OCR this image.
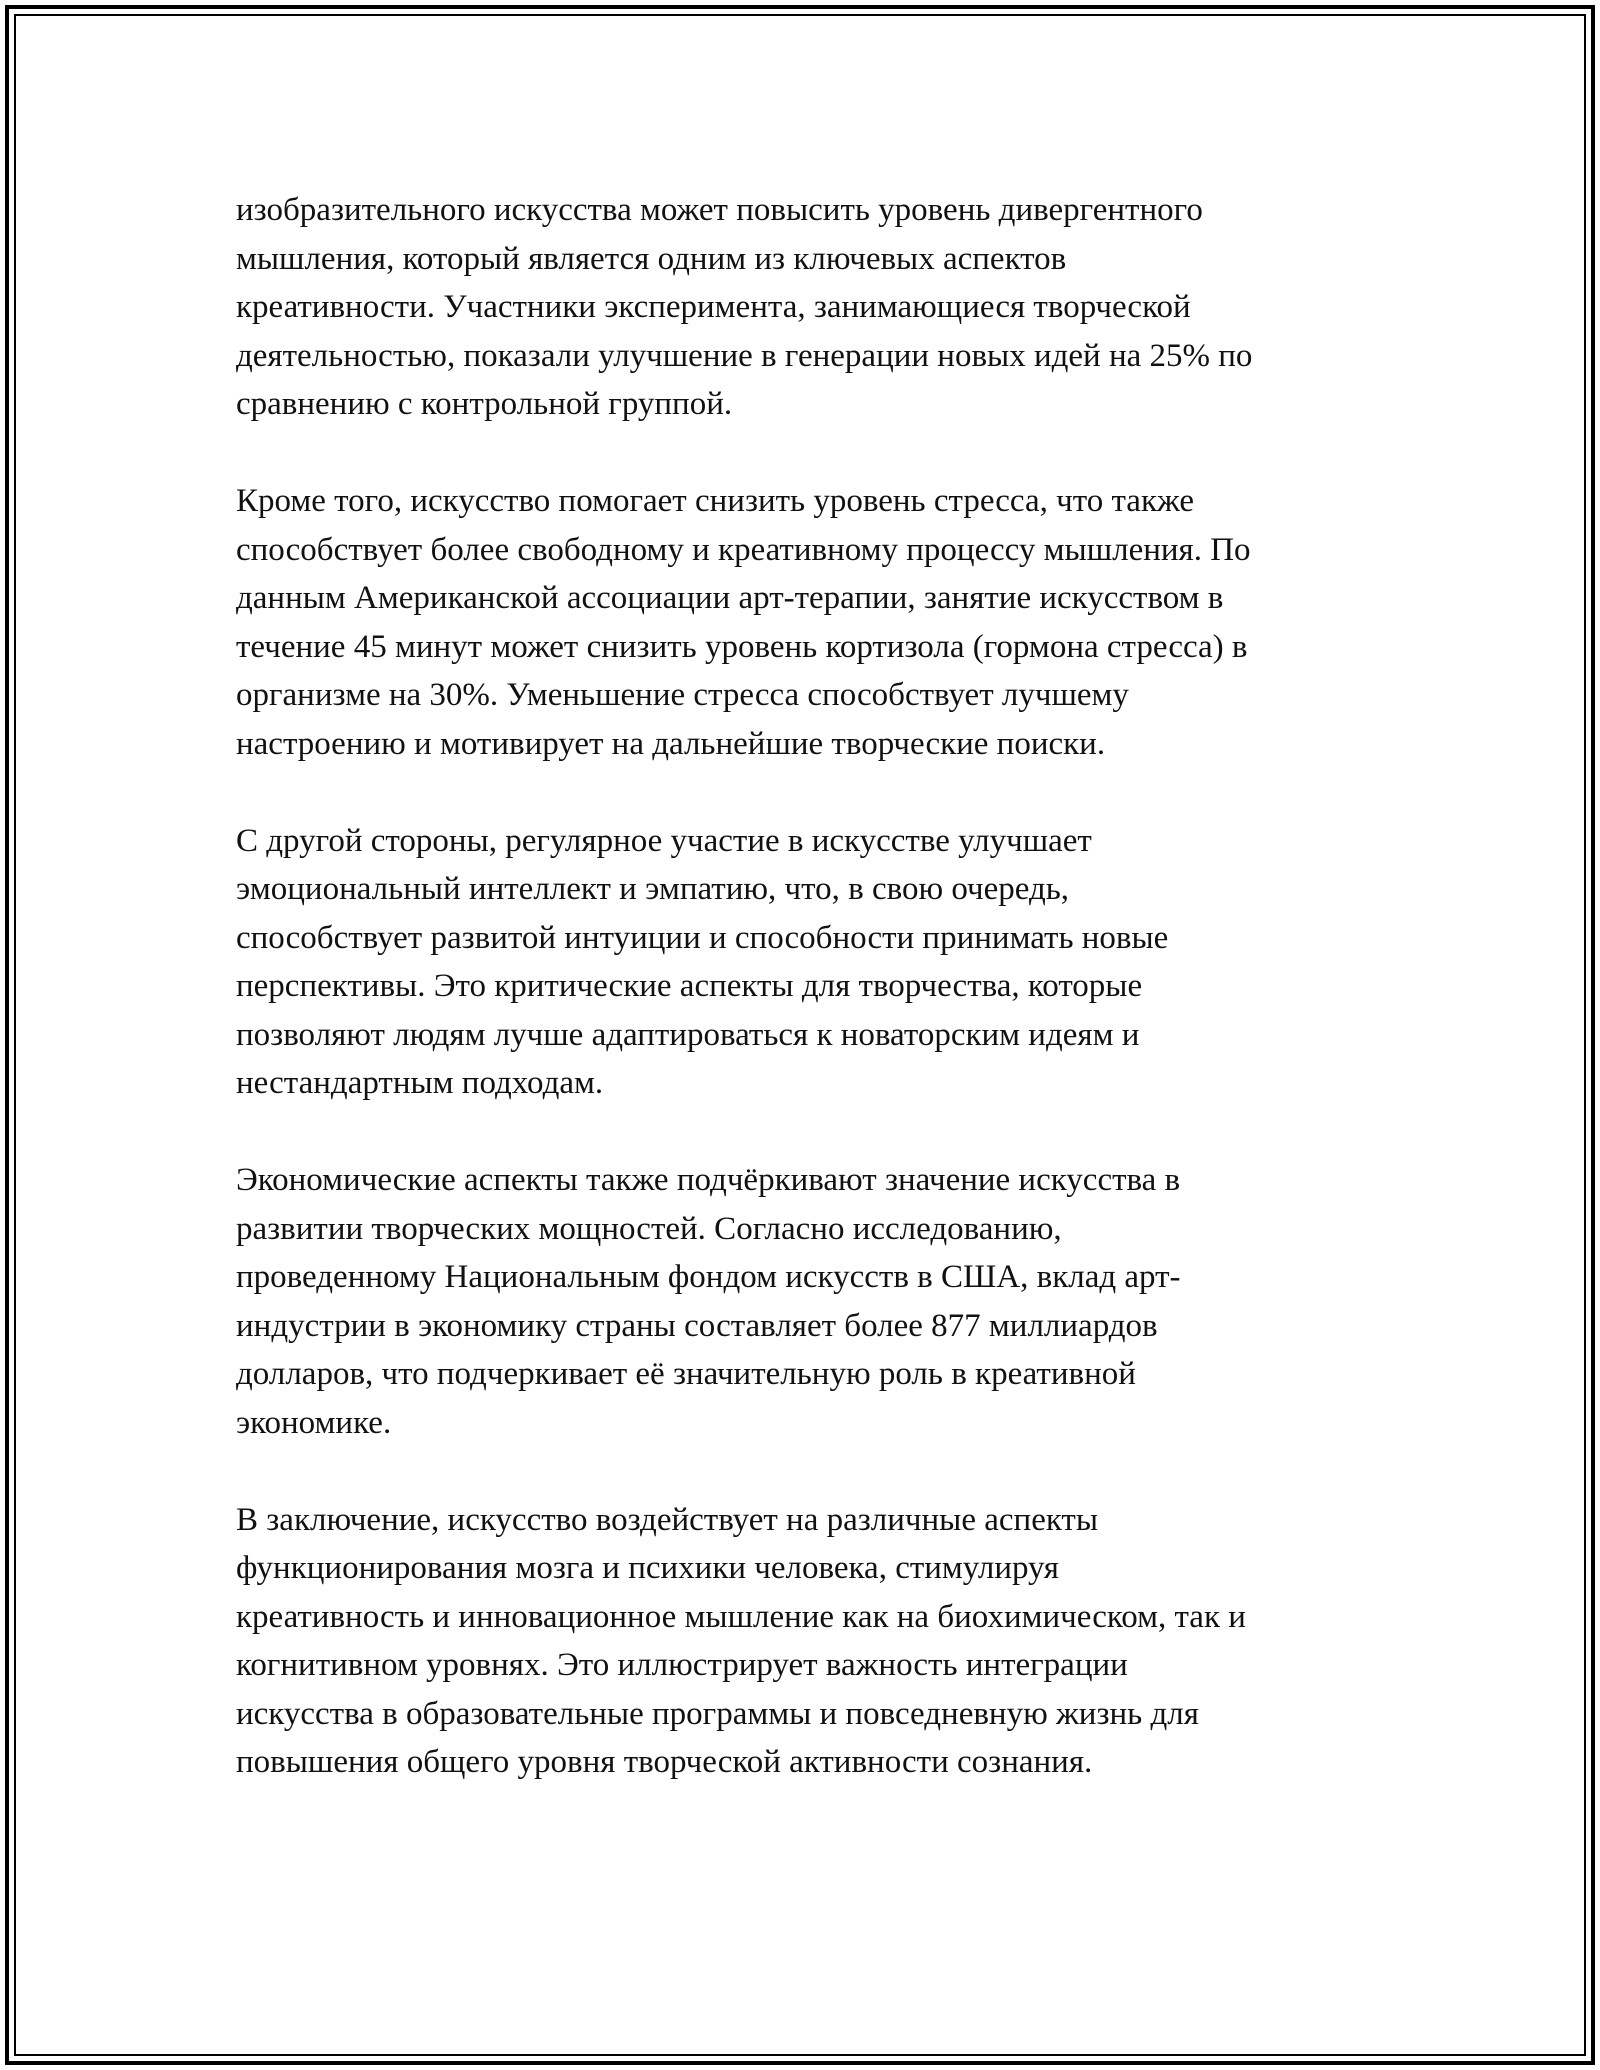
изобразительного искусства может повысить уровень дивергентного
мышления, который является одним из ключевых аспектов
креативности. Участники эксперимента, занимающиеся творческой
деятельностью, показали улучшение в генерации новых идей на 25% по
сравнению с контрольной группой.

Кроме того, искусство помогает снизить уровень стресса, что также
способствует более свободному и креативному процессу мышления. По
данным Американской ассоциации арт-терапии, занятие искусством в
течение 45 минут может снизить уровень кортизола (гормона стресса) в
организме на 30%. Уменьшение стресса способствует лучшему
настроению и мотивирует на дальнейшие творческие поиски.

С другой стороны, регулярное участие в искусстве улучшает
эмоциональный интеллект и эмпатию, что, в свою очередь,
способствует развитой интуиции и способности принимать новые
перспективы. Это критические аспекты для творчества, которые
позволяют людям лучше адаптироваться к новаторским идеям и
нестандартным подходам.

Экономические аспекты также подчёркивают значение искусства в
развитии творческих мощностей. Согласно исследованию,
проведенному Национальным фондом искусств в США, вклад арт-
индустрии в экономику страны составляет более 877 миллиардов
долларов, что подчеркивает её значительную роль в креативной
экономике.

В заключение, искусство воздействует на различные аспекты
функционирования мозга и психики человека, стимулируя
креативность и инновационное мышление как на биохимическом, так и
когнитивном уровнях. Это иллюстрирует важность интеграции
искусства в образовательные программы и повседневную жизнь для
повышения общего уровня творческой активности сознания.
